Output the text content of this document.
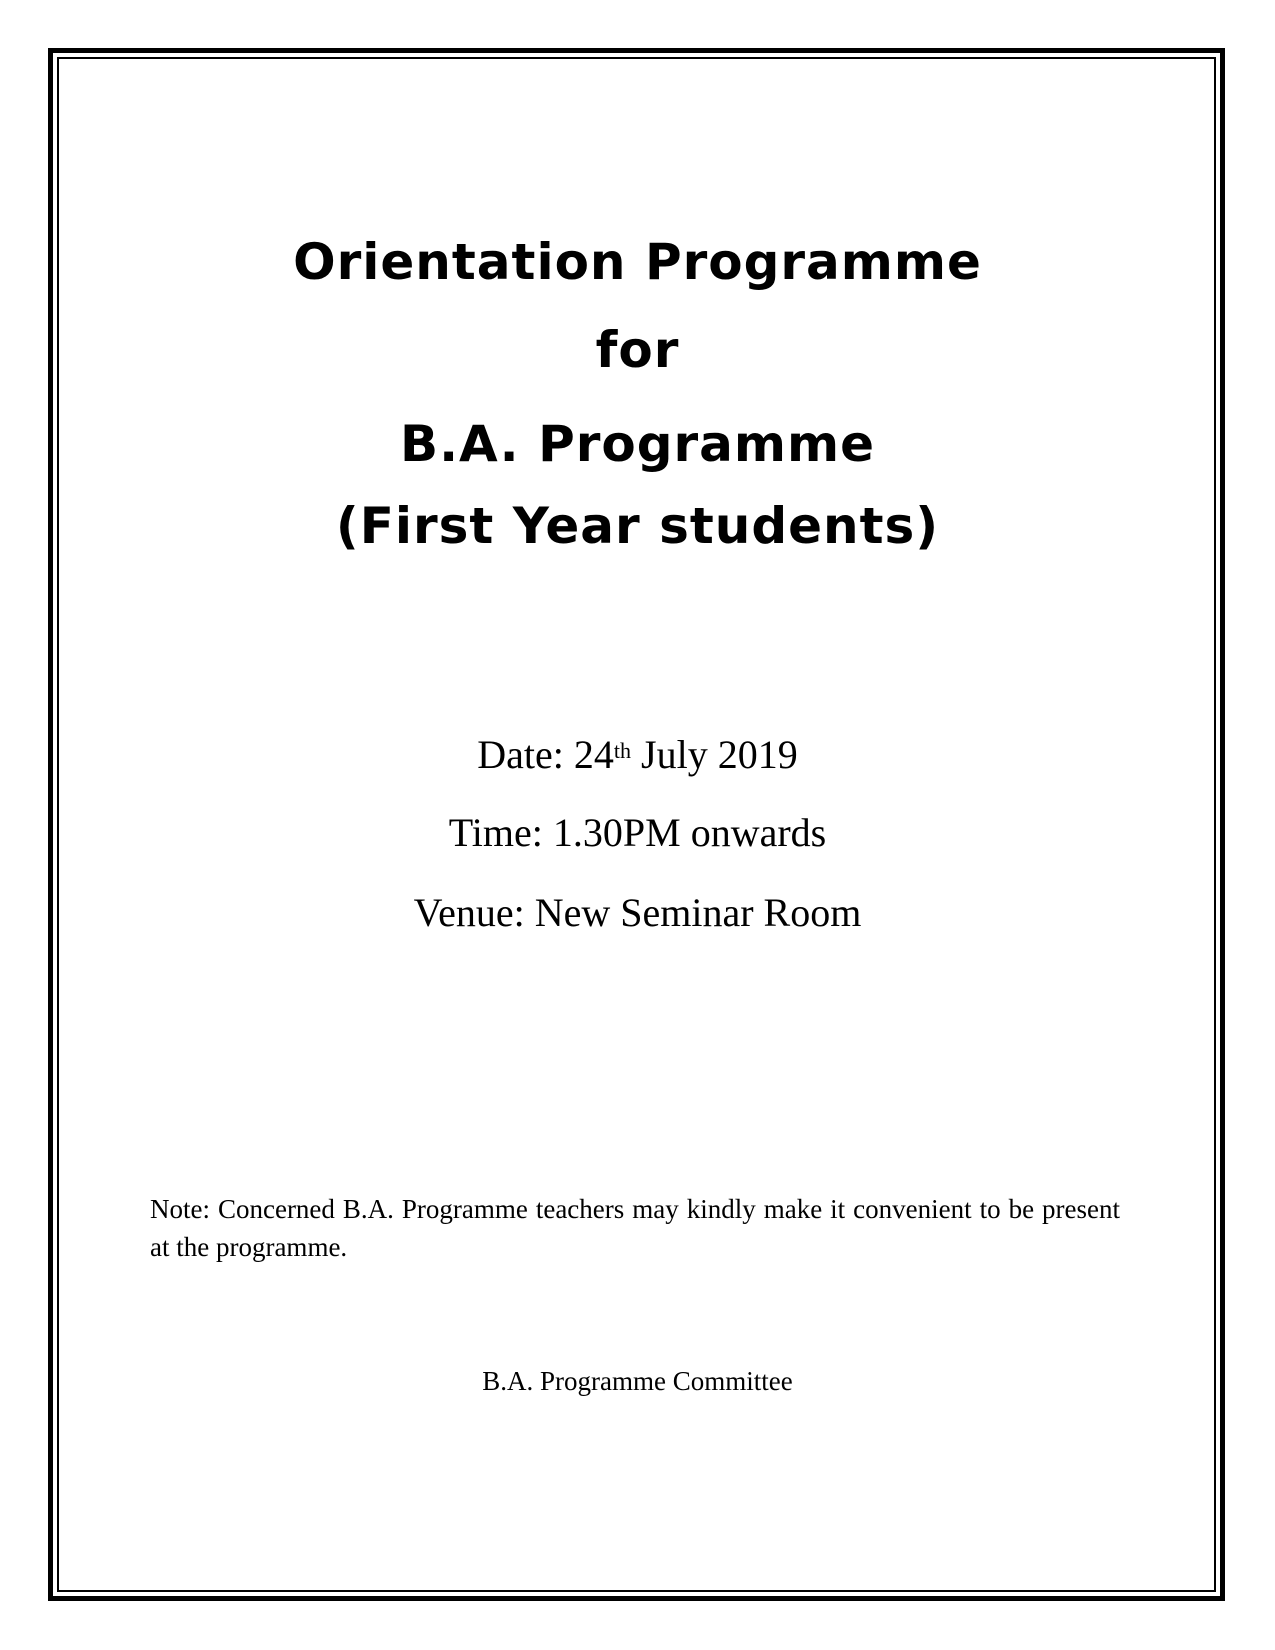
Orientation Programme
for
B.A. Programme
(First Year students)
Date: 24th July 2019
Time: 1.30PM onwards
Venue: New Seminar Room
Note: Concerned B.A. Programme teachers may kindly make it convenient to be present at the programme.
B.A. Programme Committee
